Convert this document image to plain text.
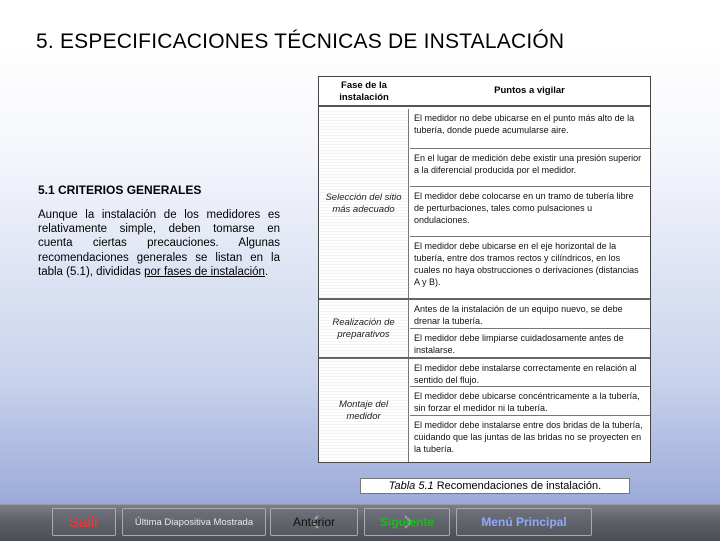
5. ESPECIFICACIONES TÉCNICAS DE INSTALACIÓN
5.1 CRITERIOS GENERALES
Aunque la instalación de los medidores es relativamente simple, deben tomarse en cuenta ciertas precauciones. Algunas recomendaciones generales se listan en la tabla (5.1), divididas por fases de instalación.
Fase de la instalación
Puntos a vigilar
Selección del sitio más adecuado
El medidor no debe ubicarse en el punto más alto de la tubería, donde puede acumularse aire.
En el lugar de medición debe existir una presión superior a la diferencial producida por el medidor.
El medidor debe colocarse en un tramo de tubería libre de perturbaciones, tales como pulsaciones u ondulaciones.
El medidor debe ubicarse en el eje horizontal de la tubería, entre dos tramos rectos y cilíndricos, en los cuales no haya obstrucciones o derivaciones (distancias A y B).
Realización de preparativos
Antes de la instalación de un equipo nuevo, se debe drenar la tubería.
El medidor debe limpiarse cuidadosamente antes de instalarse.
Montaje del medidor
El medidor debe instalarse correctamente en relación al sentido del flujo.
El medidor debe ubicarse concéntricamente a la tubería, sin forzar el medidor ni la tubería.
El medidor debe instalarse entre dos bridas de la tubería, cuidando que las juntas de las bridas no se proyecten en la tubería.
Tabla 5.1 Recomendaciones de instalación.
Salir	Última Diapositiva Mostrada	Anterior	Siguiente	Menú Principal
